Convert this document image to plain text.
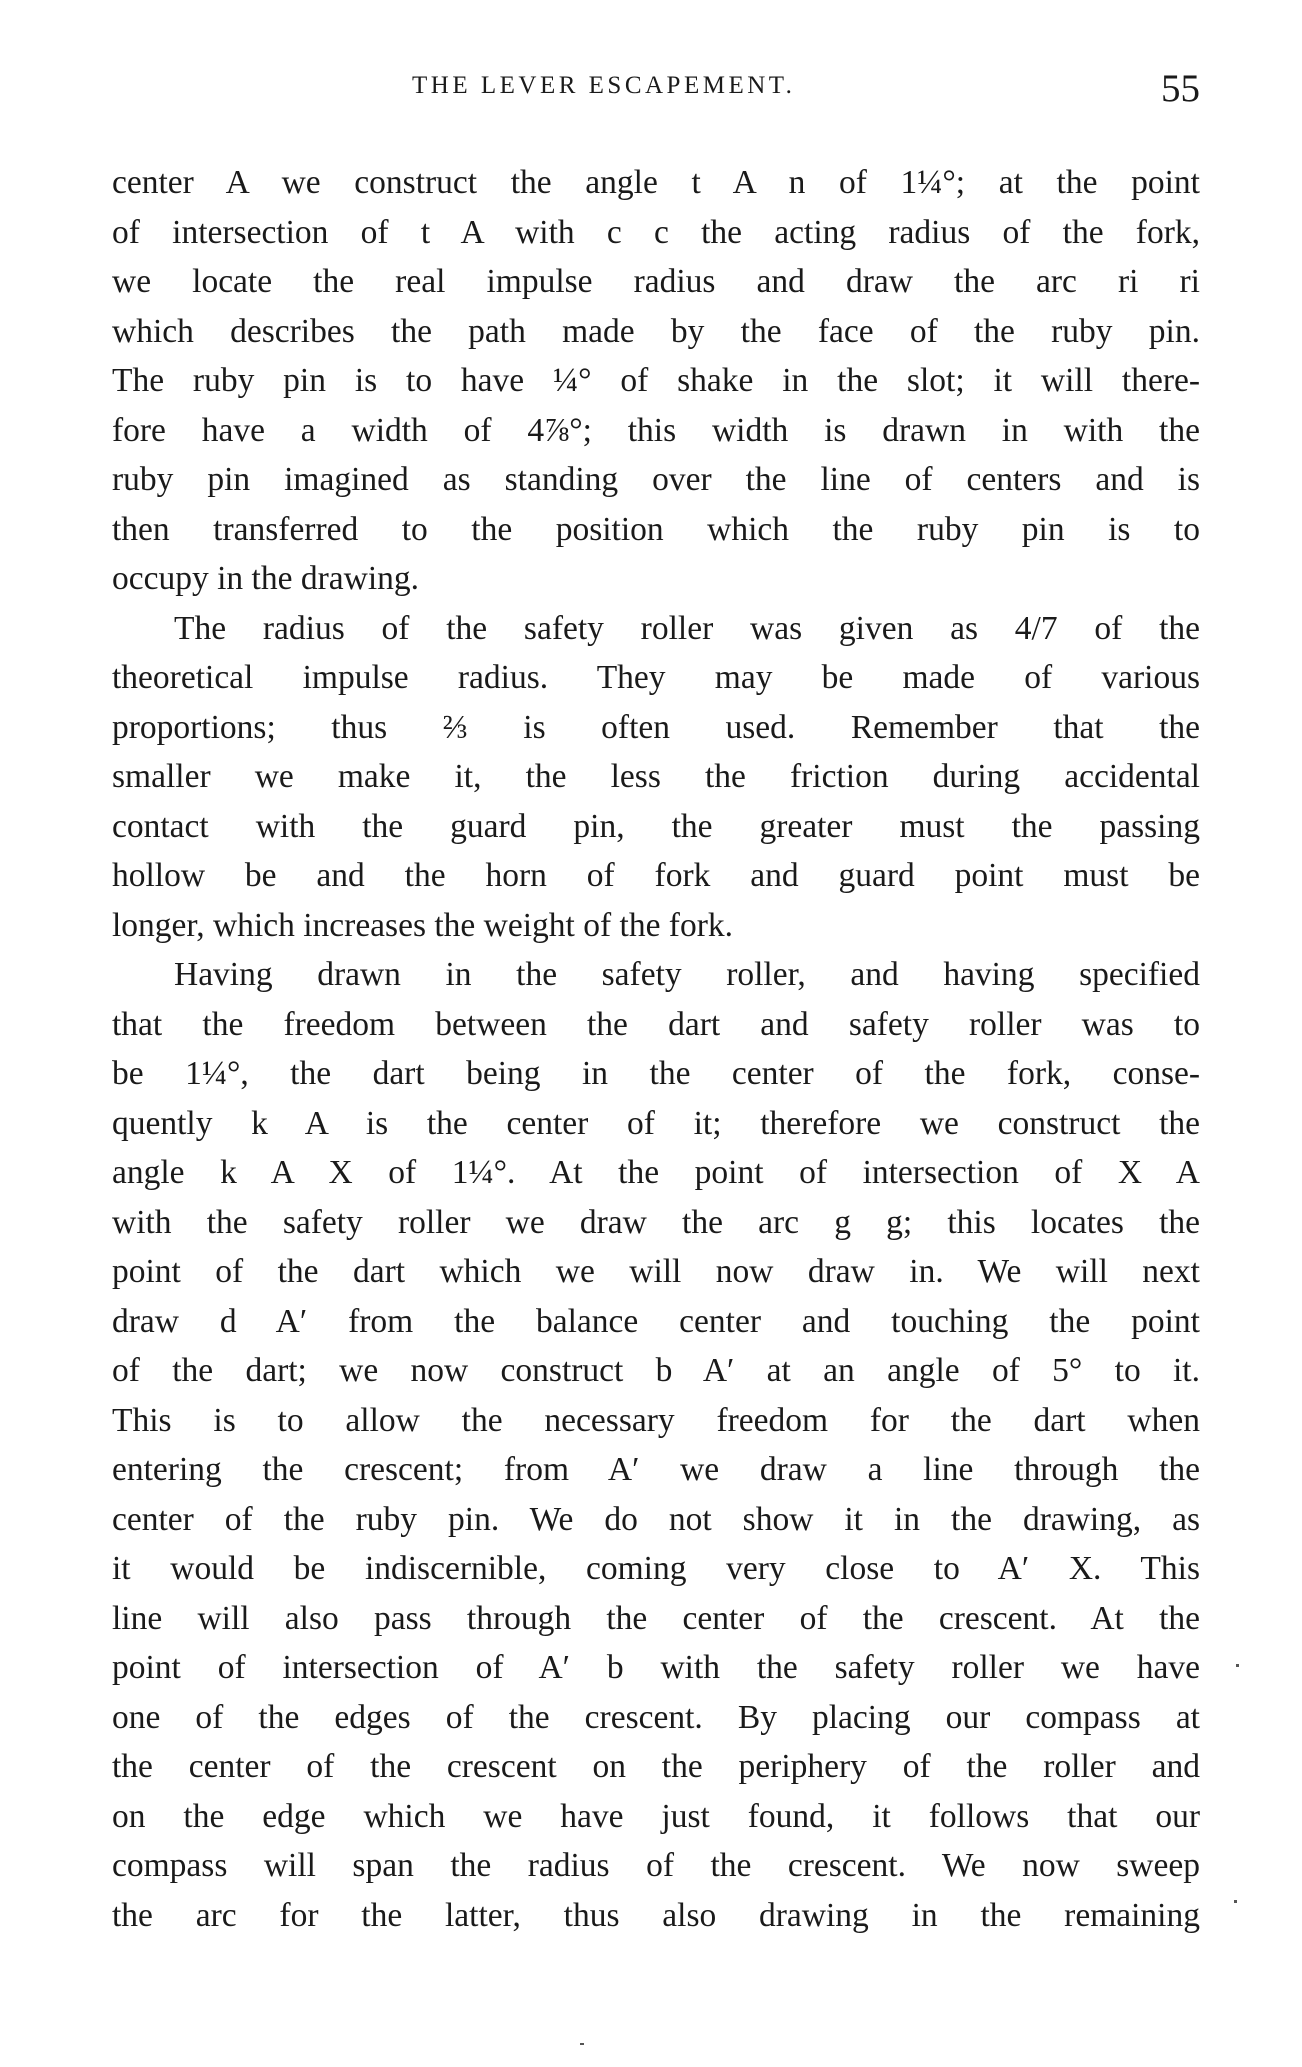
THE LEVER ESCAPEMENT.	55
center A we construct the angle t A n of 1¼°; at the point
of intersection of t A with c c the acting radius of the fork,
we locate the real impulse radius and draw the arc ri ri
which describes the path made by the face of the ruby pin.
The ruby pin is to have ¼° of shake in the slot; it will there-
fore have a width of 4⅞°; this width is drawn in with the
ruby pin imagined as standing over the line of centers and is
then transferred to the position which the ruby pin is to
occupy in the drawing.
The radius of the safety roller was given as 4/7 of the
theoretical impulse radius. They may be made of various
proportions; thus ⅔ is often used. Remember that the
smaller we make it, the less the friction during accidental
contact with the guard pin, the greater must the passing
hollow be and the horn of fork and guard point must be
longer, which increases the weight of the fork.
Having drawn in the safety roller, and having specified
that the freedom between the dart and safety roller was to
be 1¼°, the dart being in the center of the fork, conse-
quently k A is the center of it; therefore we construct the
angle k A X of 1¼°. At the point of intersection of X A
with the safety roller we draw the arc g g; this locates the
point of the dart which we will now draw in. We will next
draw d A′ from the balance center and touching the point
of the dart; we now construct b A′ at an angle of 5° to it.
This is to allow the necessary freedom for the dart when
entering the crescent; from A′ we draw a line through the
center of the ruby pin. We do not show it in the drawing, as
it would be indiscernible, coming very close to A′ X. This
line will also pass through the center of the crescent. At the
point of intersection of A′ b with the safety roller we have
one of the edges of the crescent. By placing our compass at
the center of the crescent on the periphery of the roller and
on the edge which we have just found, it follows that our
compass will span the radius of the crescent. We now sweep
the arc for the latter, thus also drawing in the remaining
